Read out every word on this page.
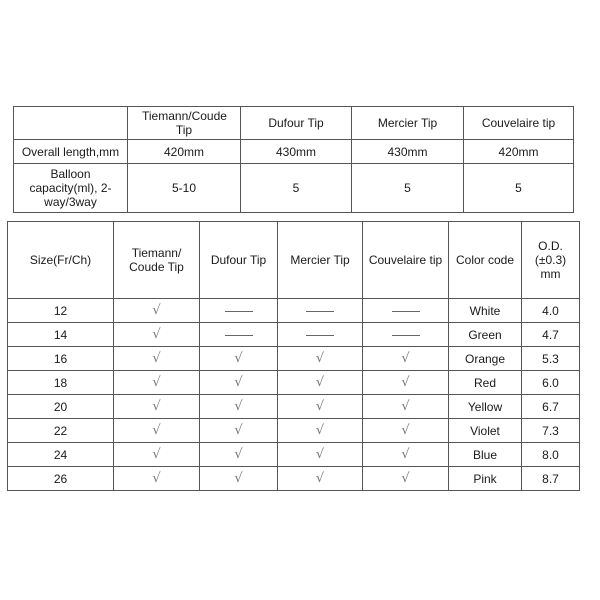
	Tiemann/Coude Tip	Dufour Tip	Mercier Tip	Couvelaire tip
Overall length,mm	420mm	430mm	430mm	420mm
Balloon capacity(ml), 2-way/3way	5-10	5	5	5
Size(Fr/Ch)	Tiemann/ Coude Tip	Dufour Tip	Mercier Tip	Couvelaire tip	Color code	O.D.(±0.3) mm
12	√				White	4.0
14	√				Green	4.7
16	√	√	√	√	Orange	5.3
18	√	√	√	√	Red	6.0
20	√	√	√	√	Yellow	6.7
22	√	√	√	√	Violet	7.3
24	√	√	√	√	Blue	8.0
26	√	√	√	√	Pink	8.7
